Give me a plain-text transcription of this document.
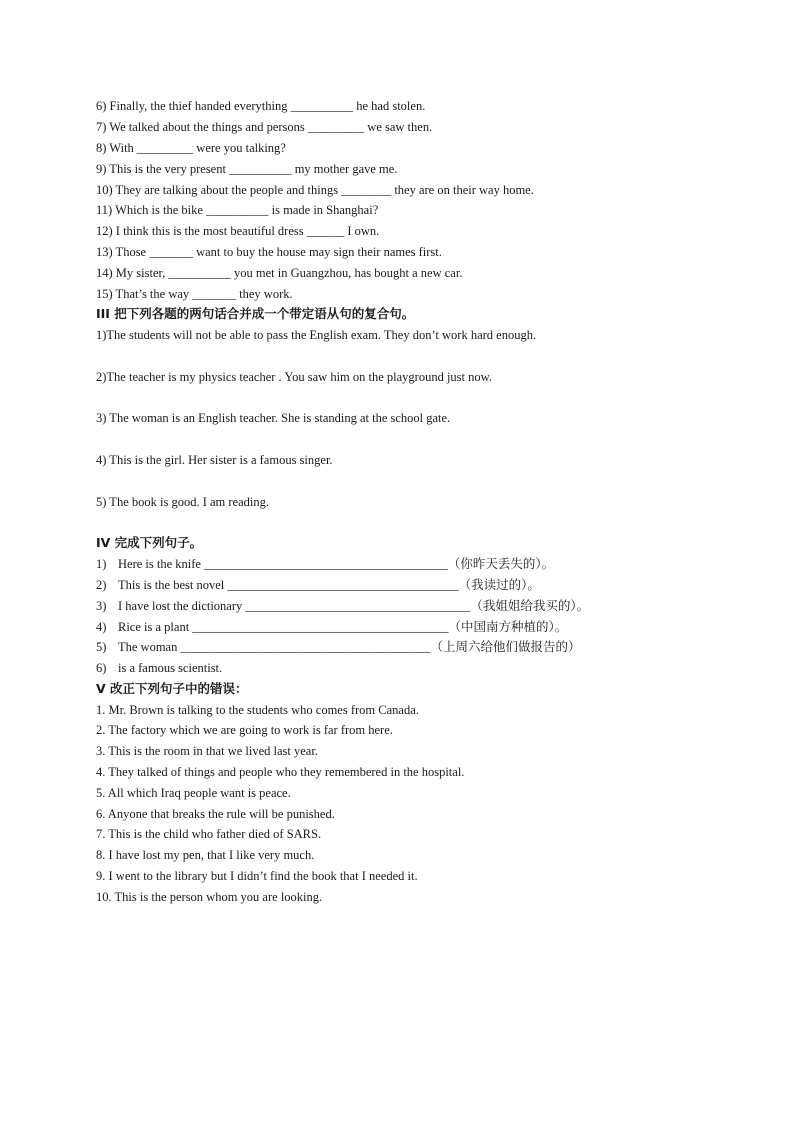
6) Finally, the thief handed everything __________ he had stolen.
7) We talked about the things and persons _________ we saw then.
8) With _________ were you talking?
9) This is the very present __________ my mother gave me.
10) They are talking about the people and things ________ they are on their way home.
11) Which is the bike __________ is made in Shanghai?
12) I think this is the most beautiful dress ______ I own.
13) Those _______ want to buy the house may sign their names first.
14) My sister, __________ you met in Guangzhou, has bought a new car.
15) That’s the way _______ they work.
III 把下列各题的两句话合并成一个带定语从句的复合句。
1)The students will not be able to pass the English exam. They don’t work hard enough.
2)The teacher is my physics teacher . You saw him on the playground just now.
3) The woman is an English teacher. She is standing at the school gate.
4) This is the girl. Her sister is a famous singer.
5) The book is good. I am reading.
IV 完成下列句子。
1) Here is the knife _______________________________________（你昨天丢失的）。
2) This is the best novel _____________________________________（我读过的）。
3) I have lost the dictionary ____________________________________（我姐姐给我买的）。
4) Rice is a plant _________________________________________（中国南方种植的）。
5) The woman ________________________________________（上周六给他们做报告的）
6) is a famous scientist.
V 改正下列句子中的错误：
1. Mr. Brown is talking to the students who comes from Canada.
2. The factory which we are going to work is far from here.
3. This is the room in that we lived last year.
4. They talked of things and people who they remembered in the hospital.
5. All which Iraq people want is peace.
6. Anyone that breaks the rule will be punished.
7. This is the child who father died of SARS.
8. I have lost my pen, that I like very much.
9. I went to the library but I didn’t find the book that I needed it.
10. This is the person whom you are looking.
